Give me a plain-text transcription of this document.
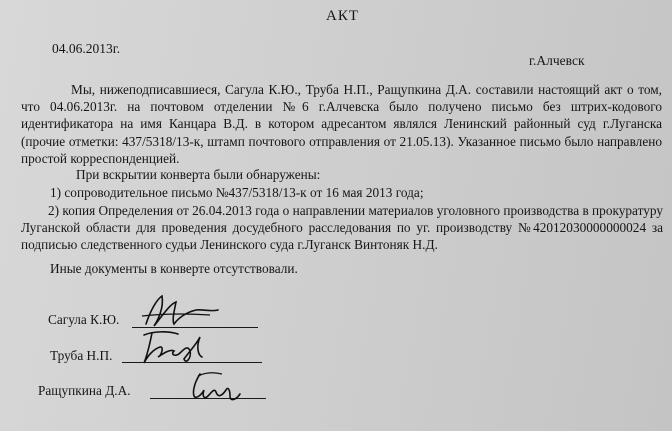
АКТ
04.06.2013г.
г.Алчевск
Мы, нижеподписавшиеся, Сагула К.Ю., Труба Н.П., Ращупкина Д.А. составили настоящий акт о том, что 04.06.2013г. на почтовом отделении №6 г.Алчевска было получено письмо без штрих-кодового идентификатора на имя Канцара В.Д. в котором адресантом являлся Ленинский районный суд г.Луганска (прочие отметки: 437/5318/13-к, штамп почтового отправления от 21.05.13). Указанное письмо было направлено простой корреспонденцией.
При вскрытии конверта были обнаружены:
1) сопроводительное письмо №437/5318/13-к от 16 мая 2013 года;
2) копия Определения от 26.04.2013 года о направлении материалов уголовного производства в прокуратуру Луганской области для проведения досудебного расследования по уг. производству №42012030000000024 за подписью следственного судьи Ленинского суда г.Луганск Винтоняк Н.Д.
Иные документы в конверте отсутствовали.
Сагула К.Ю.
Труба Н.П.
Ращупкина Д.А.
